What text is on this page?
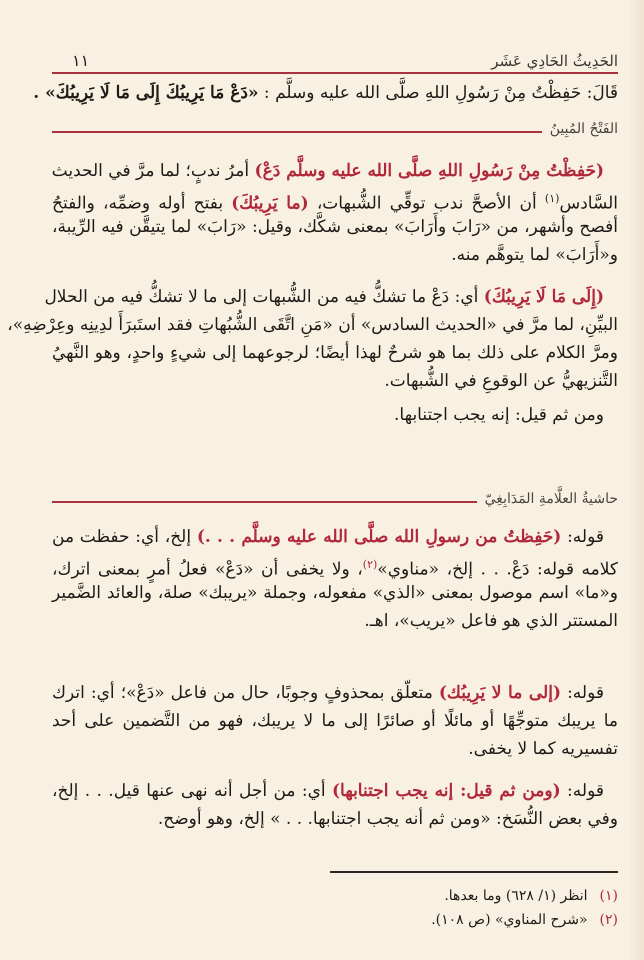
الحَدِيثُ الحَادِي عَشَر
١١
قَالَ: حَفِظْتُ مِنْ رَسُولِ اللهِ صلَّى الله عليه وسلَّم : «دَعْ مَا يَرِيبُكَ إِلَى مَا لَا يَرِيبُكَ» .
الفَتْحُ المُبِينُ
(حَفِظْتُ مِنْ رَسُولِ اللهِ صلَّى الله عليه وسلَّم دَعْ) أمرُ ندبٍ؛ لما مرَّ في الحديث
السَّادس$^{(١)}$ أن الأصحَّ ندب توقِّي الشُّبهات، (ما يَرِيبُكَ) بفتح أوله وضمِّه، والفتحُ
أفصح وأشهر، من «رَابَ وأَرَابَ» بمعنى شكَّك، وقيل: «رَابَ» لما يتيقَّن فيه الرِّيبة،
و«أَرَابَ» لما يتوهَّم منه.
(إِلَى مَا لَا يَرِيبُكَ) أي: دَعْ ما تشكُّ فيه من الشُّبهات إلى ما لا تشكُّ فيه من الحلال
البيِّنِ، لما مرَّ في «الحديث السادس» أن «مَنِ اتَّقَى الشُّبُهاتِ فقد استَبرَأَ لدِينِه وعِرْضِهِ»،
ومرَّ الكلام على ذلك بما هو شرحٌ لهذا أيضًا؛ لرجوعهما إلى شيءٍ واحدٍ، وهو النَّهيُ
التَّنزيهيُّ عن الوقوعِ في الشُّبهات.
ومن ثم قيل: إنه يجب اجتنابها.
حاشيةُ العلَّامةِ المَدَابِغِيّ
قوله: (حَفِظتُ من رسولِ الله صلَّى الله عليه وسلَّم . . .) إلخ، أي: حفظت من
كلامه قوله: دَعْ. . . إلخ، «مناوي»$^{(٢)}$، ولا يخفى أن «دَعْ» فعلُ أمرٍ بمعنى اترك،
و«ما» اسم موصول بمعنى «الذي» مفعوله، وجملة «يريبك» صلة، والعائد الضَّمير
المستتر الذي هو فاعل «يريب»، اهـ.
قوله: (إلى ما لا يَرِيبُك) متعلّق بمحذوفٍ وجوبًا، حال من فاعل «دَعْ»؛ أي: اترك
ما يريبك متوجِّهًا أو مائلًا أو صائرًا إلى ما لا يريبك، فهو من التَّضمين على أحد
تفسيريه كما لا يخفى.
قوله: (ومن ثم قيل: إنه يجب اجتنابها) أي: من أجل أنه نهى عنها قيل. . . إلخ،
وفي بعض النُّسَخ: «ومن ثم أنه يجب اجتنابها. . . » إلخ، وهو أوضح.
(١)انظر (١/ ٦٢٨) وما بعدها.
(٢)«شرح المناوي» (ص ١٠٨).
